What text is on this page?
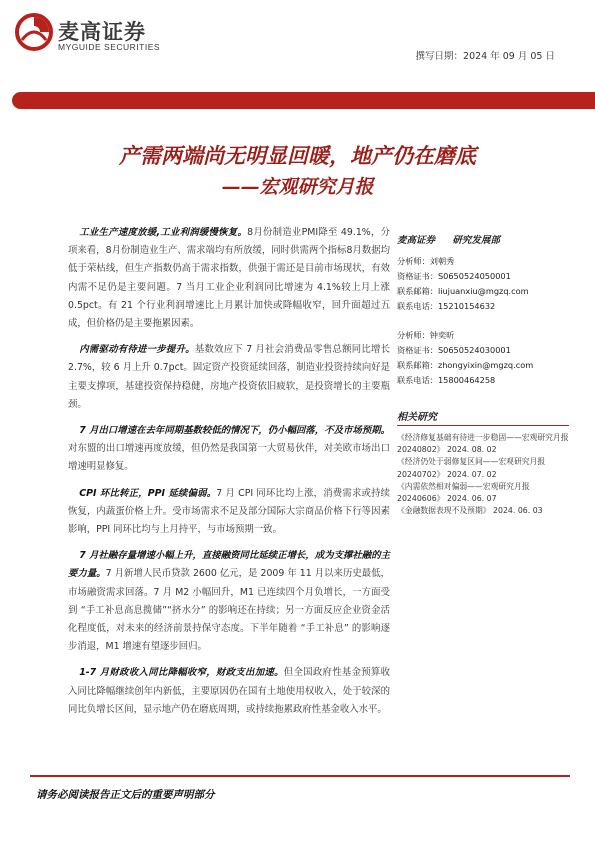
麦高证券
MYGUIDE SECURITIES
撰写日期：2024 年 09 月 05 日
产需两端尚无明显回暖，地产仍在磨底
——宏观研究月报
工业生产速度放缓,工业利润缓慢恢复。8月份制造业PMI降至 49.1%，分项来看，8月份制造业生产、需求端均有所放缓，同时供需两个指标8月数据均低于荣枯线，但生产指数仍高于需求指数，供强于需还是目前市场现状，有效内需不足仍是主要问题。7 当月工业企业利润同比增速为 4.1%较上月上涨 0.5pct。有 21 个行业利润增速比上月累计加快或降幅收窄，回升面超过五成，但价格仍是主要拖累因素。
内需驱动有待进一步提升。基数效应下 7 月社会消费品零售总额同比增长 2.7%，较 6 月上升 0.7pct。固定资产投资延续回落，制造业投资持续向好是主要支撑项，基建投资保持稳健，房地产投资依旧疲软，是投资增长的主要瓶颈。
7 月出口增速在去年同期基数较低的情况下，仍小幅回落，不及市场预期。对东盟的出口增速再度放缓，但仍然是我国第一大贸易伙伴，对美欧市场出口增速明显修复。
CPI 环比转正，PPI 延续偏弱。7 月 CPI 同环比均上涨，消费需求或持续恢复，内蔬蛋价格上升。受市场需求不足及部分国际大宗商品价格下行等因素影响，PPI 同环比均与上月持平，与市场预期一致。
7 月社融存量增速小幅上升，直接融资同比延续正增长，成为支撑社融的主要力量。7 月新增人民币贷款 2600 亿元，是 2009 年 11 月以来历史最低，市场融资需求回落。7 月 M2 小幅回升，M1 已连续四个月负增长，一方面受到 “手工补息高息揽储”“挤水分” 的影响还在持续；另一方面反应企业资金活化程度低，对未来的经济前景持保守态度。下半年随着 “手工补息” 的影响逐步消退，M1 增速有望逐步回归。
1-7 月财政收入同比降幅收窄，财政支出加速。但全国政府性基金预算收入同比降幅继续创年内新低，主要原因仍在国有土地使用权收入，处于较深的同比负增长区间，显示地产仍在磨底周期，或持续拖累政府性基金收入水平。
麦高证券 研究发展部
分析师：刘朝秀
资格证书：S0650524050001
联系邮箱：liujuanxiu@mgzq.com
联系电话：15210154632
分析师：钟奕昕
资格证书：S0650524030001
联系邮箱：zhongyixin@mgzq.com
联系电话：15800464258
相关研究
《经济修复基础有待进一步稳固——宏观研究月报 20240802》 2024. 08. 02
《经济仍处于弱修复区间——宏观研究月报 20240702》 2024. 07. 02
《内需依然相对偏弱——宏观研究月报 20240606》 2024. 06. 07
《金融数据表现不及预期》 2024. 06. 03
请务必阅读报告正文后的重要声明部分
